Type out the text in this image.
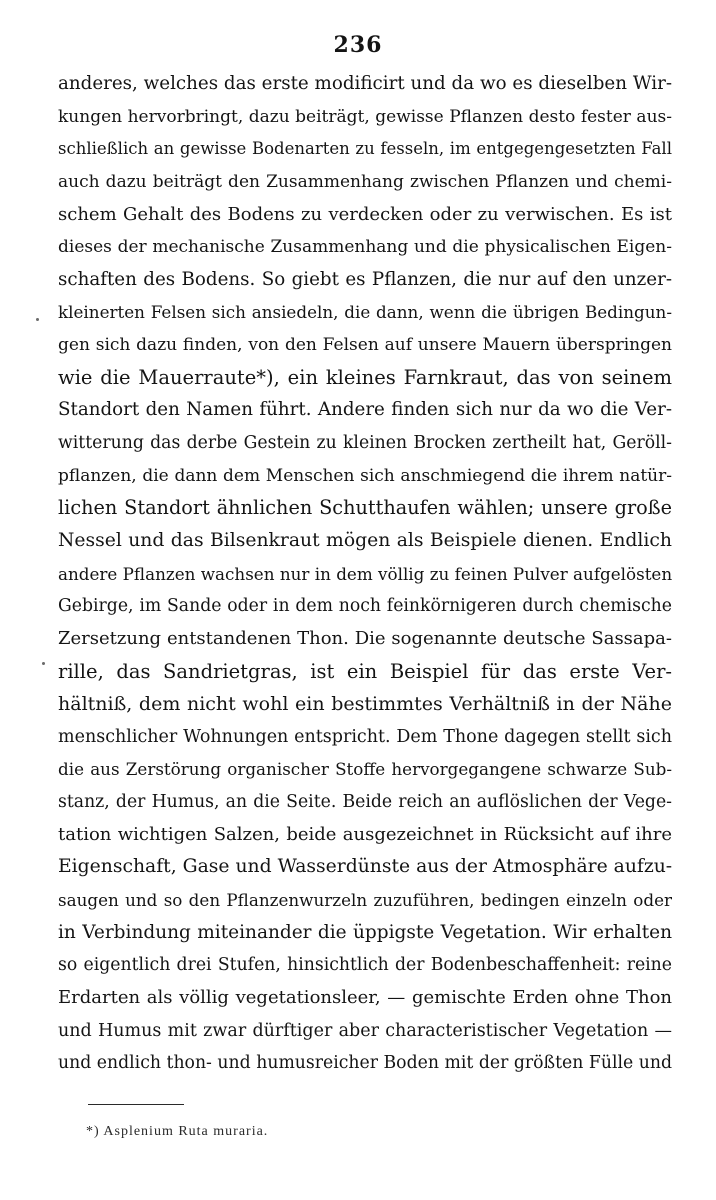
236
anderes, welches das erste modificirt und da wo es dieselben Wir-
kungen hervorbringt, dazu beiträgt, gewisse Pflanzen desto fester aus-
schließlich an gewisse Bodenarten zu fesseln, im entgegengesetzten Fall
auch dazu beiträgt den Zusammenhang zwischen Pflanzen und chemi-
schem Gehalt des Bodens zu verdecken oder zu verwischen. Es ist
dieses der mechanische Zusammenhang und die physicalischen Eigen-
schaften des Bodens. So giebt es Pflanzen, die nur auf den unzer-
kleinerten Felsen sich ansiedeln, die dann, wenn die übrigen Bedingun-
gen sich dazu finden, von den Felsen auf unsere Mauern überspringen
wie die Mauerraute*), ein kleines Farnkraut, das von seinem
Standort den Namen führt. Andere finden sich nur da wo die Ver-
witterung das derbe Gestein zu kleinen Brocken zertheilt hat, Geröll-
pflanzen, die dann dem Menschen sich anschmiegend die ihrem natür-
lichen Standort ähnlichen Schutthaufen wählen; unsere große
Nessel und das Bilsenkraut mögen als Beispiele dienen. Endlich
andere Pflanzen wachsen nur in dem völlig zu feinen Pulver aufgelösten
Gebirge, im Sande oder in dem noch feinkörnigeren durch chemische
Zersetzung entstandenen Thon. Die sogenannte deutsche Sassapa-
rille, das Sandrietgras, ist ein Beispiel für das erste Ver-
hältniß, dem nicht wohl ein bestimmtes Verhältniß in der Nähe
menschlicher Wohnungen entspricht. Dem Thone dagegen stellt sich
die aus Zerstörung organischer Stoffe hervorgegangene schwarze Sub-
stanz, der Humus, an die Seite. Beide reich an auflöslichen der Vege-
tation wichtigen Salzen, beide ausgezeichnet in Rücksicht auf ihre
Eigenschaft, Gase und Wasserdünste aus der Atmosphäre aufzu-
saugen und so den Pflanzenwurzeln zuzuführen, bedingen einzeln oder
in Verbindung miteinander die üppigste Vegetation. Wir erhalten
so eigentlich drei Stufen, hinsichtlich der Bodenbeschaffenheit: reine
Erdarten als völlig vegetationsleer, — gemischte Erden ohne Thon
und Humus mit zwar dürftiger aber characteristischer Vegetation —
und endlich thon- und humusreicher Boden mit der größten Fülle und
*) Asplenium Ruta muraria.
